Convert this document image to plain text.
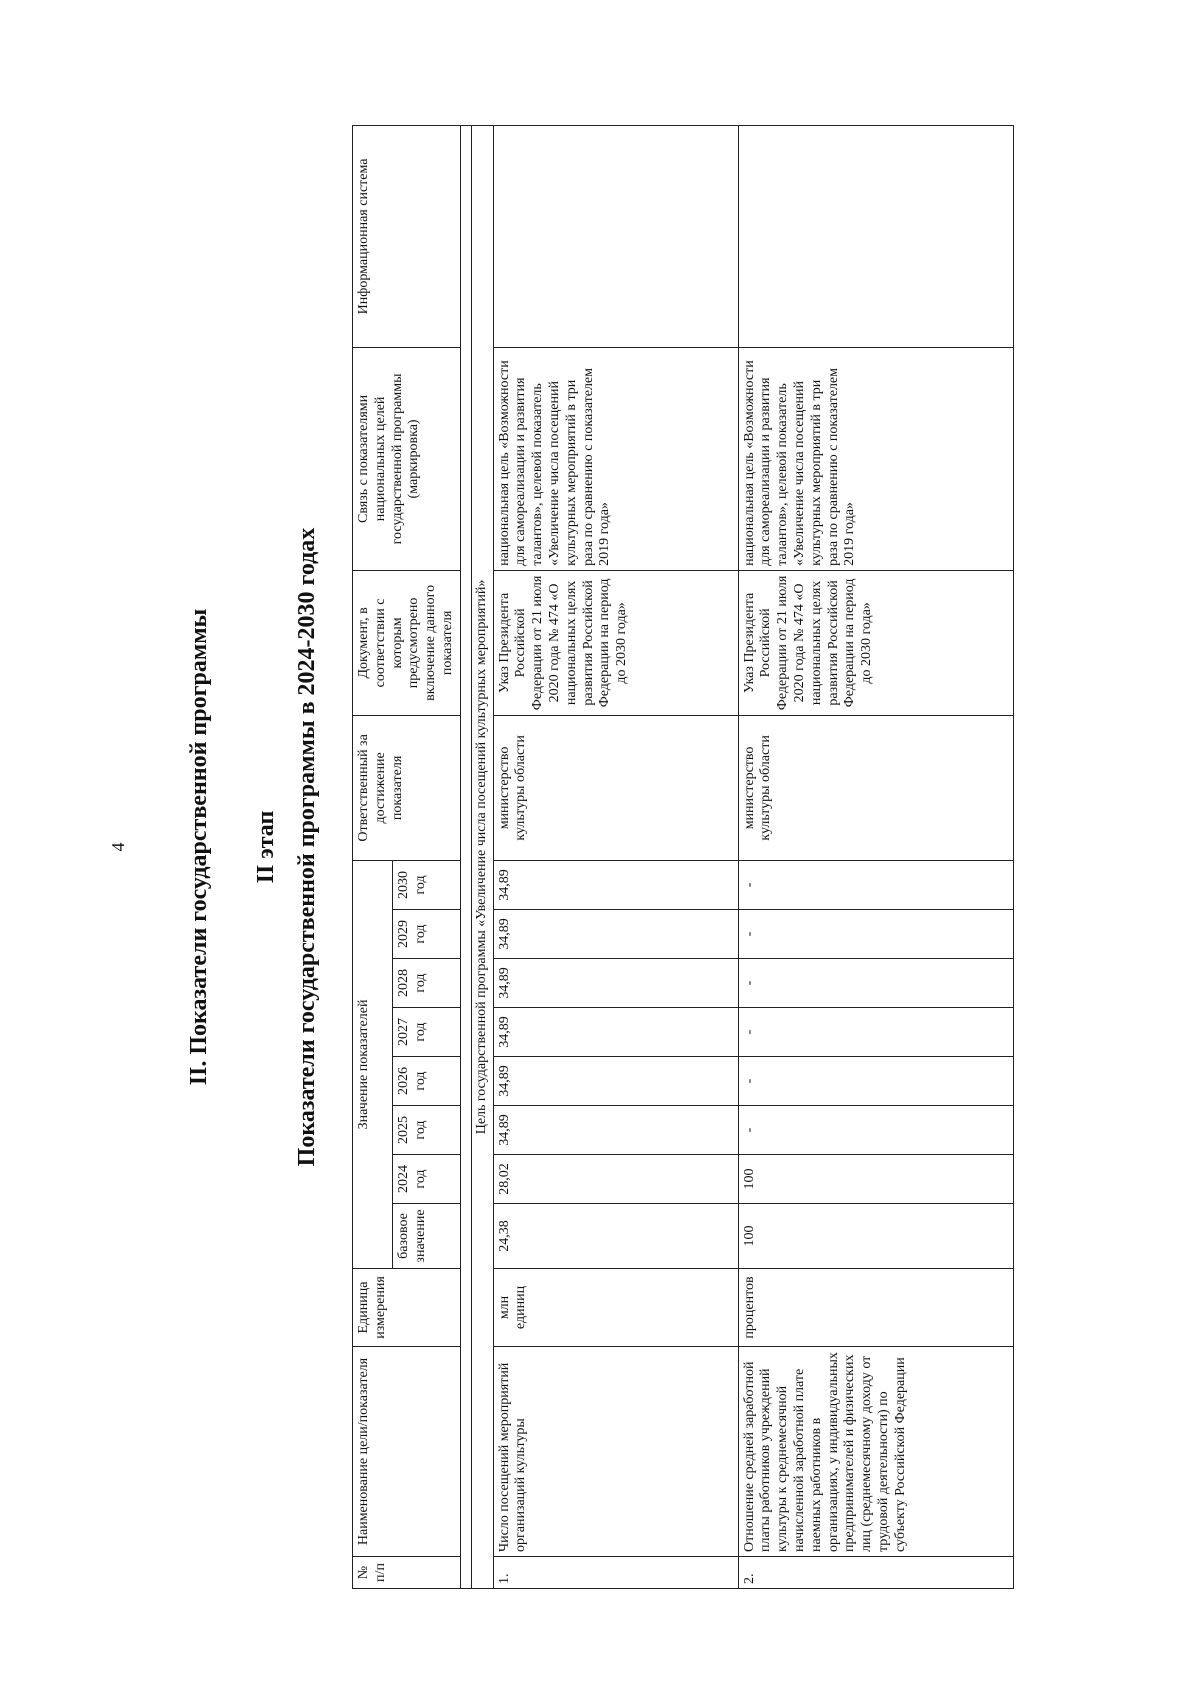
4 II. Показатели государственной программы II этап Показатели государственной программы в 2024-2030 годах
№ п/п	Наименование цели/показателя	Единица измерения	Значение показателей								Ответственный за достижение показателя	Документ, в соответствии с которым предусмотрено включение данного показателя	Связь с показателями национальных целей государственной программы (маркировка)	Информационная система
			базовое значение	2024 год	2025 год	2026 год	2027 год	2028 год	2029 год	2030 год				

Цель государственной программы «Увеличение числа посещений культурных мероприятий»														
1.	Число посещений мероприятий организаций культуры	млн единиц	24,38	28,02	34,89	34,89	34,89	34,89	34,89	34,89	министерство культуры области	Указ Президента Российской Федерации от 21 июля 2020 года № 474 «О национальных целях развития Российской Федерации на период до 2030 года»	национальная цель «Возможности для самореализации и развития талантов», целевой показатель «Увеличение числа посещений культурных мероприятий в три раза по сравнению с показателем 2019 года»	
2.	Отношение средней заработной платы работников учреждений культуры к среднемесячной начисленной заработной плате наемных работников в организациях, у индивидуальных предпринимателей и физических лиц (среднемесячному доходу от трудовой деятельности) по субъекту Российской Федерации	процентов	100	100	-	-	-	-	-	-	министерство культуры области	Указ Президента Российской Федерации от 21 июля 2020 года № 474 «О национальных целях развития Российской Федерации на период до 2030 года»	национальная цель «Возможности для самореализации и развития талантов», целевой показатель «Увеличение числа посещений культурных мероприятий в три раза по сравнению с показателем 2019 года»	
